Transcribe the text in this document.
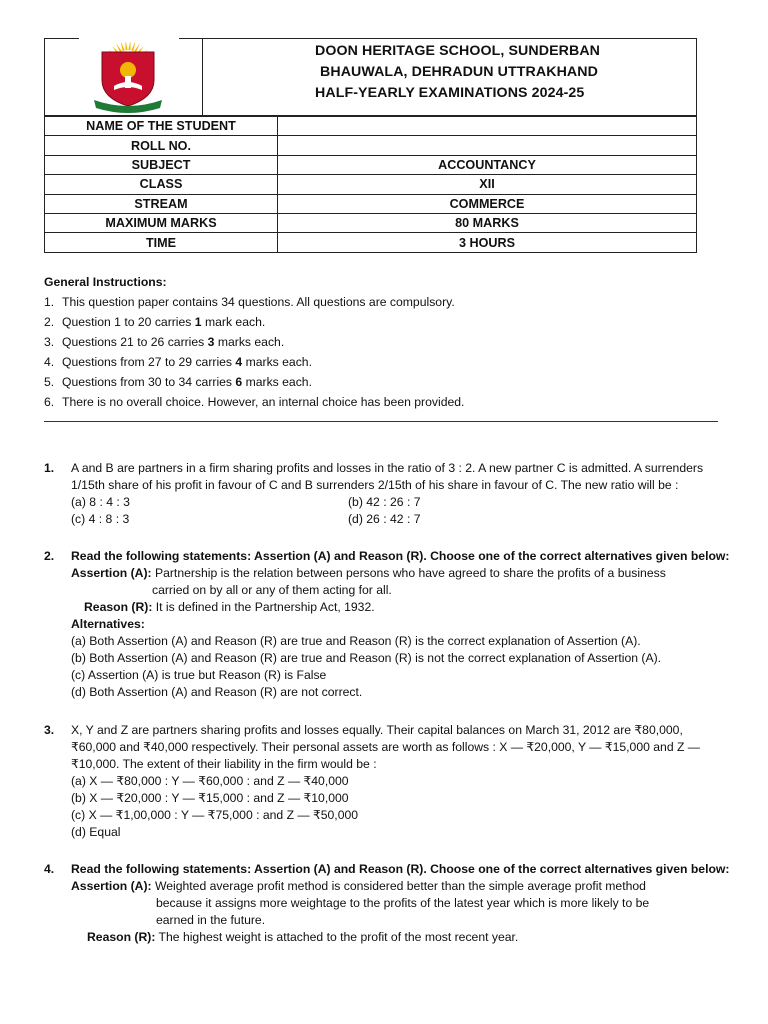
DOON HERITAGE SCHOOL, SUNDERBAN
BHAUWALA, DEHRADUN UTTRAKHAND
HALF-YEARLY EXAMINATIONS 2024-25
NAME OF THE STUDENT	
ROLL NO.	
SUBJECT	ACCOUNTANCY
CLASS	XII
STREAM	COMMERCE
MAXIMUM MARKS	80 MARKS
TIME	3 HOURS
General Instructions:
1. This question paper contains 34 questions. All questions are compulsory.
2. Question 1 to 20 carries 1 mark each.
3. Questions 21 to 26 carries 3 marks each.
4. Questions from 27 to 29 carries 4 marks each.
5. Questions from 30 to 34 carries 6 marks each.
6. There is no overall choice. However, an internal choice has been provided.
1. A and B are partners in a firm sharing profits and losses in the ratio of 3 : 2. A new partner C is admitted. A surrenders
1/15th share of his profit in favour of C and B surrenders 2/15th of his share in favour of C. The new ratio will be :
(a) 8 : 4 : 3	(b) 42 : 26 : 7
(c) 4 : 8 : 3	(d) 26 : 42 : 7
2. Read the following statements: Assertion (A) and Reason (R). Choose one of the correct alternatives given below:
Assertion (A): Partnership is the relation between persons who have agreed to share the profits of a business
carried on by all or any of them acting for all.
Reason (R): It is defined in the Partnership Act, 1932.
Alternatives:
(a) Both Assertion (A) and Reason (R) are true and Reason (R) is the correct explanation of Assertion (A).
(b) Both Assertion (A) and Reason (R) are true and Reason (R) is not the correct explanation of Assertion (A).
(c) Assertion (A) is true but Reason (R) is False
(d) Both Assertion (A) and Reason (R) are not correct.
3. X, Y and Z are partners sharing profits and losses equally. Their capital balances on March 31, 2012 are ₹80,000,
₹60,000 and ₹40,000 respectively. Their personal assets are worth as follows : X — ₹20,000, Y — ₹15,000 and Z —
₹10,000. The extent of their liability in the firm would be :
(a) X — ₹80,000 : Y — ₹60,000 : and Z — ₹40,000
(b) X — ₹20,000 : Y — ₹15,000 : and Z — ₹10,000
(c) X — ₹1,00,000 : Y — ₹75,000 : and Z — ₹50,000
(d) Equal
4. Read the following statements: Assertion (A) and Reason (R). Choose one of the correct alternatives given below:
Assertion (A): Weighted average profit method is considered better than the simple average profit method
because it assigns more weightage to the profits of the latest year which is more likely to be
earned in the future.
Reason (R): The highest weight is attached to the profit of the most recent year.
